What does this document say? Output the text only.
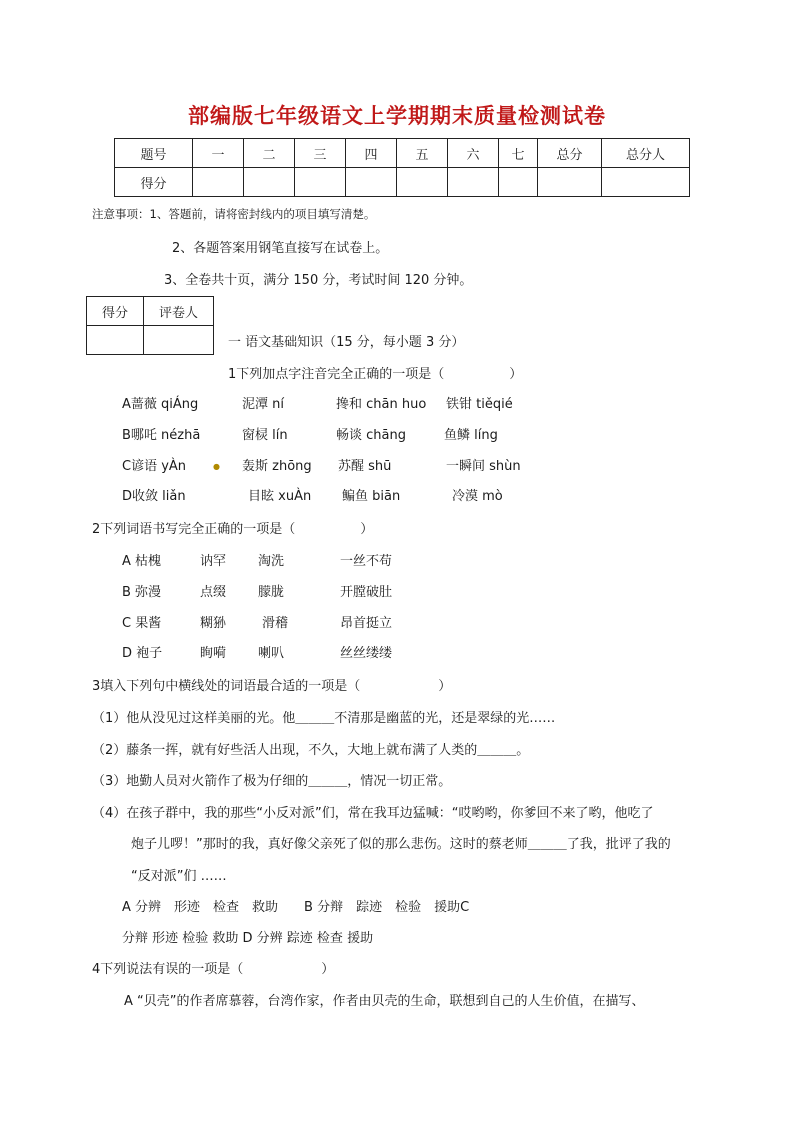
部编版七年级语文上学期期末质量检测试卷
题号	一	二	三	四	五	六	七	总分	总分人
得分									
注意事项：1、答题前，请将密封线内的项目填写清楚。
2、各题答案用钢笔直接写在试卷上。
3、全卷共十页，满分 150 分，考试时间 120 分钟。
得分	评卷人

一 语文基础知识（15 分，每小题 3 分）
1下列加点字注音完全正确的一项是（　　　　　）
A蔷薇 qiÁng	泥潭 ní	搀和 chān huo 铁钳 tiěqié
B哪吒 nézhā	窗棂 lín	畅谈 chāng	鱼鳞 líng
C谚语 yÀn	轰斯 zhōng 苏醒 shū	一瞬间 shùn
D收敛 liǎn	目眩 xuÀn 鳊鱼 biān	冷漠 mò
●
2下列词语书写完全正确的一项是（　　　　　）
A 枯槐	讷罕 淘洗	一丝不苟
B 弥漫	点缀 朦胧	开膛破肚
C 果酱	糊狲	滑稽	昂首挺立
D 袍子	眴嗬 喇叭	丝丝缕缕
3填入下列句中横线处的词语最合适的一项是（　　　　　　）
（1）他从没见过这样美丽的光。他＿＿＿不清那是幽蓝的光，还是翠绿的光……
（2）藤条一挥，就有好些活人出现，不久，大地上就布满了人类的＿＿＿。
（3）地勤人员对火箭作了极为仔细的＿＿＿，情况一切正常。
（4）在孩子群中，我的那些“小反对派”们，常在我耳边猛喊：“哎哟哟，你爹回不来了哟，他吃了
炮子儿啰！”那时的我，真好像父亲死了似的那么悲伤。这时的蔡老师＿＿＿了我，批评了我的
“反对派”们 ……
A 分辨　形迹　检查　救助　　B 分辩　踪迹　检验　援助C
分辩 形迹 检验 救助 D 分辨 踪迹 检查 援助
4下列说法有误的一项是（　　　　　　）
A “贝壳”的作者席慕蓉，台湾作家，作者由贝壳的生命，联想到自己的人生价值，在描写、
